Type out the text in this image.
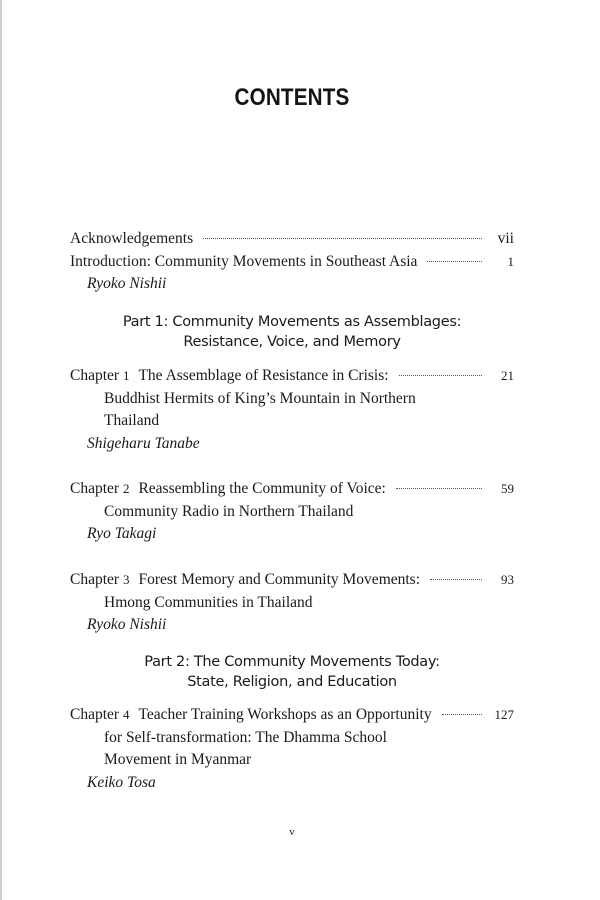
CONTENTS
Acknowledgements	vii
Introduction: Community Movements in Southeast Asia	1
Ryoko Nishii
Part 1: Community Movements as Assemblages:
Resistance, Voice, and Memory
Chapter 1 The Assemblage of Resistance in Crisis:	21
Buddhist Hermits of King’s Mountain in Northern
Thailand
Shigeharu Tanabe
Chapter 2 Reassembling the Community of Voice:	59
Community Radio in Northern Thailand
Ryo Takagi
Chapter 3 Forest Memory and Community Movements:	93
Hmong Communities in Thailand
Ryoko Nishii
Part 2: The Community Movements Today:
State, Religion, and Education
Chapter 4 Teacher Training Workshops as an Opportunity	127
for Self-transformation: The Dhamma School
Movement in Myanmar
Keiko Tosa
v
